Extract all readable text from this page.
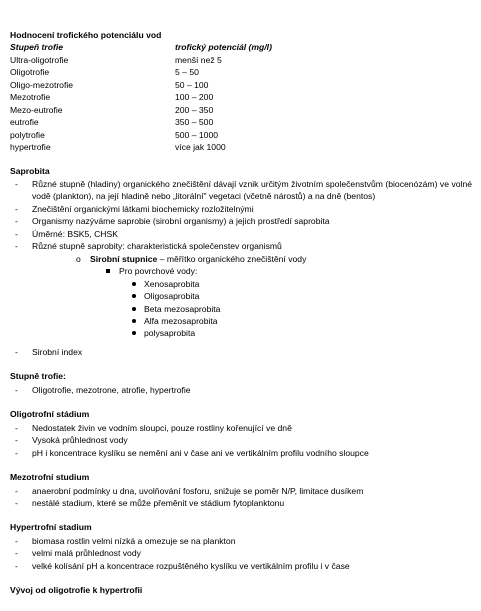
Hodnocení trofického potenciálu vod
Stupeň trofie	trofický potenciál (mg/l)
Ultra-oligotrofie	menší než 5
Oligotrofie	5 – 50
Oligo-mezotrofie	50 – 100
Mezotrofie	100 – 200
Mezo-eutrofie	200 – 350
eutrofie	350 – 500
polytrofie	500 – 1000
hypertrofie	více jak 1000
Saprobita
- Různé stupně (hladiny) organického znečištění dávají vznik určitým životním společenstvům (biocenózám) ve volné vodě (plankton), na její hladině nebo „litorální" vegetaci (včetně nárostů) a na dně (bentos)
- Znečištění organickými látkami biochemicky rozložitelnými
- Organismy nazýváme saprobie (sirobní organismy) a jejich prostředí saprobita
- Úměrné: BSK5, CHSK
- Různé stupně saprobity: charakteristická společenstev organismů
o Sirobní stupnice – měřítko organického znečištění vody
Pro povrchové vody:
Xenosaprobita
Oligosaprobita
Beta mezosaprobita
Alfa mezosaprobita
polysaprobita
- Sirobní index
Stupně trofie:
- Oligotrofie, mezotrone, atrofie, hypertrofie
Oligotrofní stádium
- Nedostatek živin ve vodním sloupci, pouze rostliny kořenující ve dně
- Vysoká průhlednost vody
- pH i koncentrace kyslíku se nemění ani v čase ani ve vertikálním profilu vodního sloupce
Mezotrofní studium
- anaerobní podmínky u dna, uvolňování fosforu, snižuje se poměr N/P, limitace dusíkem
- nestálé stadium, které se může přeměnit ve stádium fytoplanktonu
Hypertrofní stadium
- biomasa rostlin velmi nízká a omezuje se na plankton
- velmi malá průhlednost vody
- velké kolísání pH a koncentrace rozpuštěného kyslíku ve vertikálním profilu i v čase
Vývoj od oligotrofie k hypertrofii
